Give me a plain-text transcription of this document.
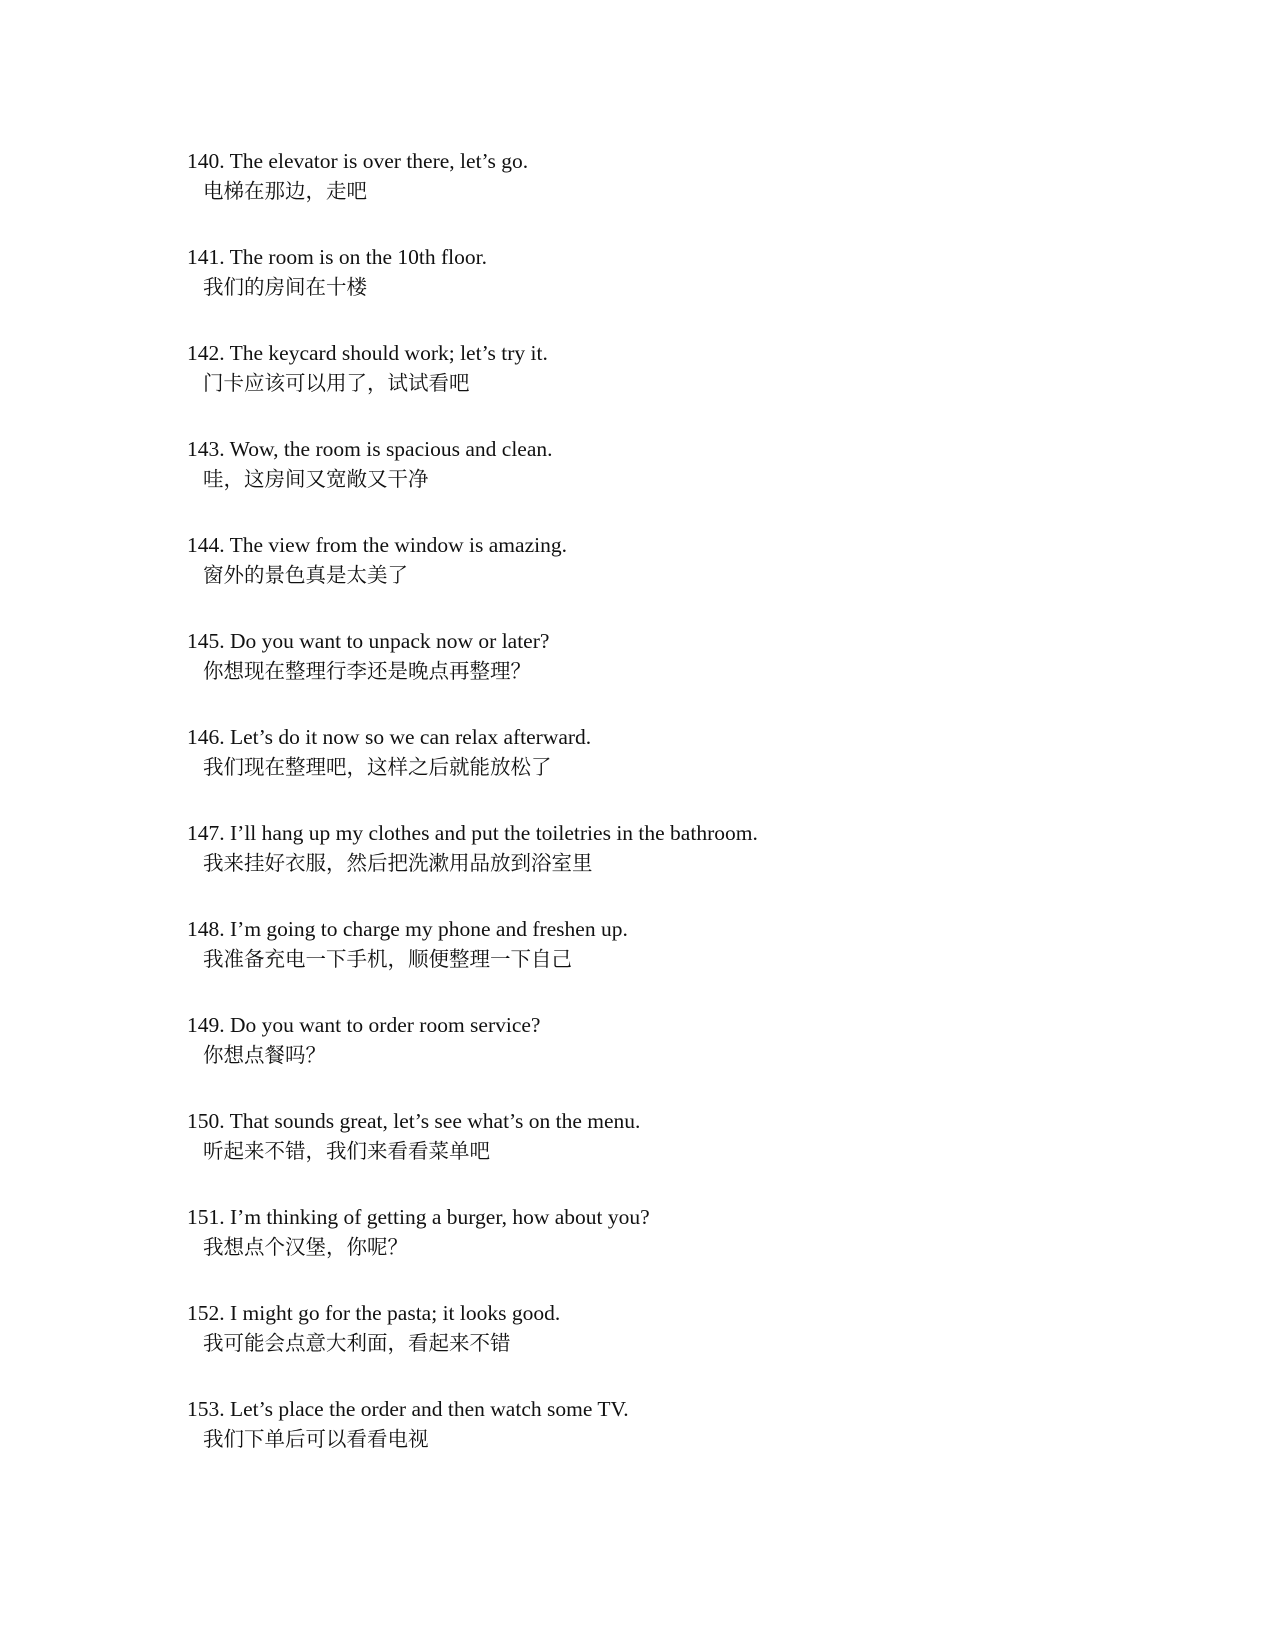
140. The elevator is over there, let’s go.
电梯在那边，走吧
141. The room is on the 10th floor.
我们的房间在十楼
142. The keycard should work; let’s try it.
门卡应该可以用了，试试看吧
143. Wow, the room is spacious and clean.
哇，这房间又宽敞又干净
144. The view from the window is amazing.
窗外的景色真是太美了
145. Do you want to unpack now or later?
你想现在整理行李还是晚点再整理？
146. Let’s do it now so we can relax afterward.
我们现在整理吧，这样之后就能放松了
147. I’ll hang up my clothes and put the toiletries in the bathroom.
我来挂好衣服，然后把洗漱用品放到浴室里
148. I’m going to charge my phone and freshen up.
我准备充电一下手机，顺便整理一下自己
149. Do you want to order room service?
你想点餐吗？
150. That sounds great, let’s see what’s on the menu.
听起来不错，我们来看看菜单吧
151. I’m thinking of getting a burger, how about you?
我想点个汉堡，你呢？
152. I might go for the pasta; it looks good.
我可能会点意大利面，看起来不错
153. Let’s place the order and then watch some TV.
我们下单后可以看看电视
